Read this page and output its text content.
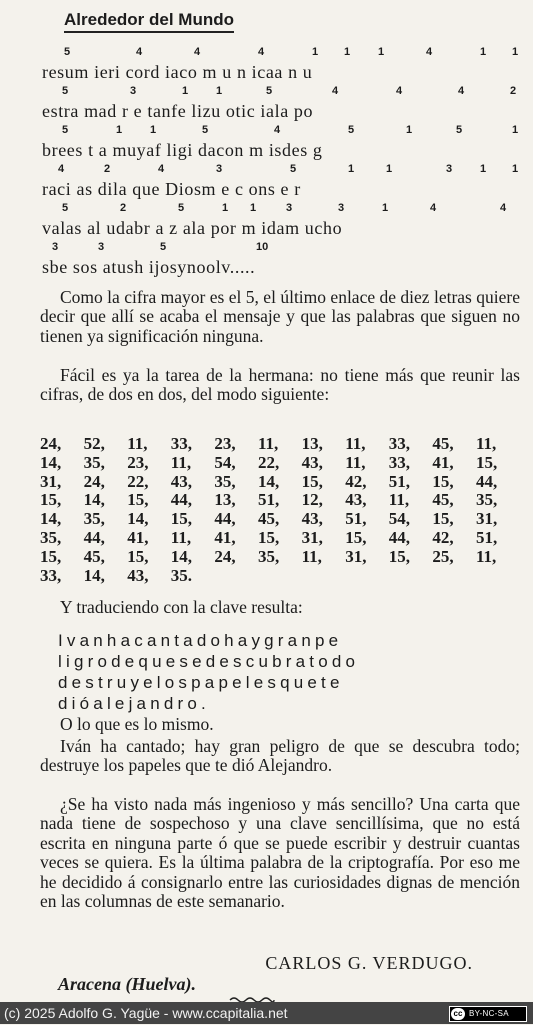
Alrededor del Mundo
5	4	4	4	1 1	1	4	1 1
resum ieri cord iaco m u n icaa n u
5	3	1	1	5	4	4	4	2
estra mad r e tanfe lizu otic iala po
5	1	1	5	4	5	1	5	1
brees t a muyaf ligi dacon m isdes g
4	2	4	3	5	1	1	3	1 1
raci as dila que Diosm e c ons e r
5	2	5	1 1	3	3	1	4	4
valas al udabr a z ala por m idam ucho
3	3	5	10
sbe sos atush ijosynoolv.....

Como la cifra mayor es el 5, el último enlace de diez letras quiere decir que allí se acaba el mensaje y que las palabras que siguen no tienen ya significación ninguna.

Fácil es ya la tarea de la hermana: no tiene más que reunir las cifras, de dos en dos, del modo siguiente:

24, 52, 11, 33, 23, 11, 13, 11, 33, 45, 11,
14, 35, 23, 11, 54, 22, 43, 11, 33, 41, 15,
31, 24, 22, 43, 35, 14, 15, 42, 51, 15, 44,
15, 14, 15, 44, 13, 51, 12, 43, 11, 45, 35,
14, 35, 14, 15, 44, 45, 43, 51, 54, 15, 31,
35, 44, 41, 11, 41, 15, 31, 15, 44, 42, 51,
15, 45, 15, 14, 24, 35, 11, 31, 15, 25, 11,
33, 14, 43, 35.

Y traduciendo con la clave resulta:

Ivanhacantadohaygranpe
ligrodequesedescubratodo
destruyelospapelesquete
dióalejandro.

O lo que es lo mismo.

Iván ha cantado; hay gran peligro de que se descubra todo; destruye los papeles que te dió Alejandro.

¿Se ha visto nada más ingenioso y más sencillo? Una carta que nada tiene de sospechoso y una clave sencillísima, que no está escrita en ninguna parte ó que se puede escribir y destruir cuantas veces se quiera. Es la última palabra de la criptografía. Por eso me he decidido á consignarlo entre las curiosidades dignas de mención en las columnas de este semanario.

CARLOS G. VERDUGO.
Aracena (Huelva).
(c) 2025 Adolfo G. Yagüe - www.ccapitalia.net	cc BY-NC-SA
